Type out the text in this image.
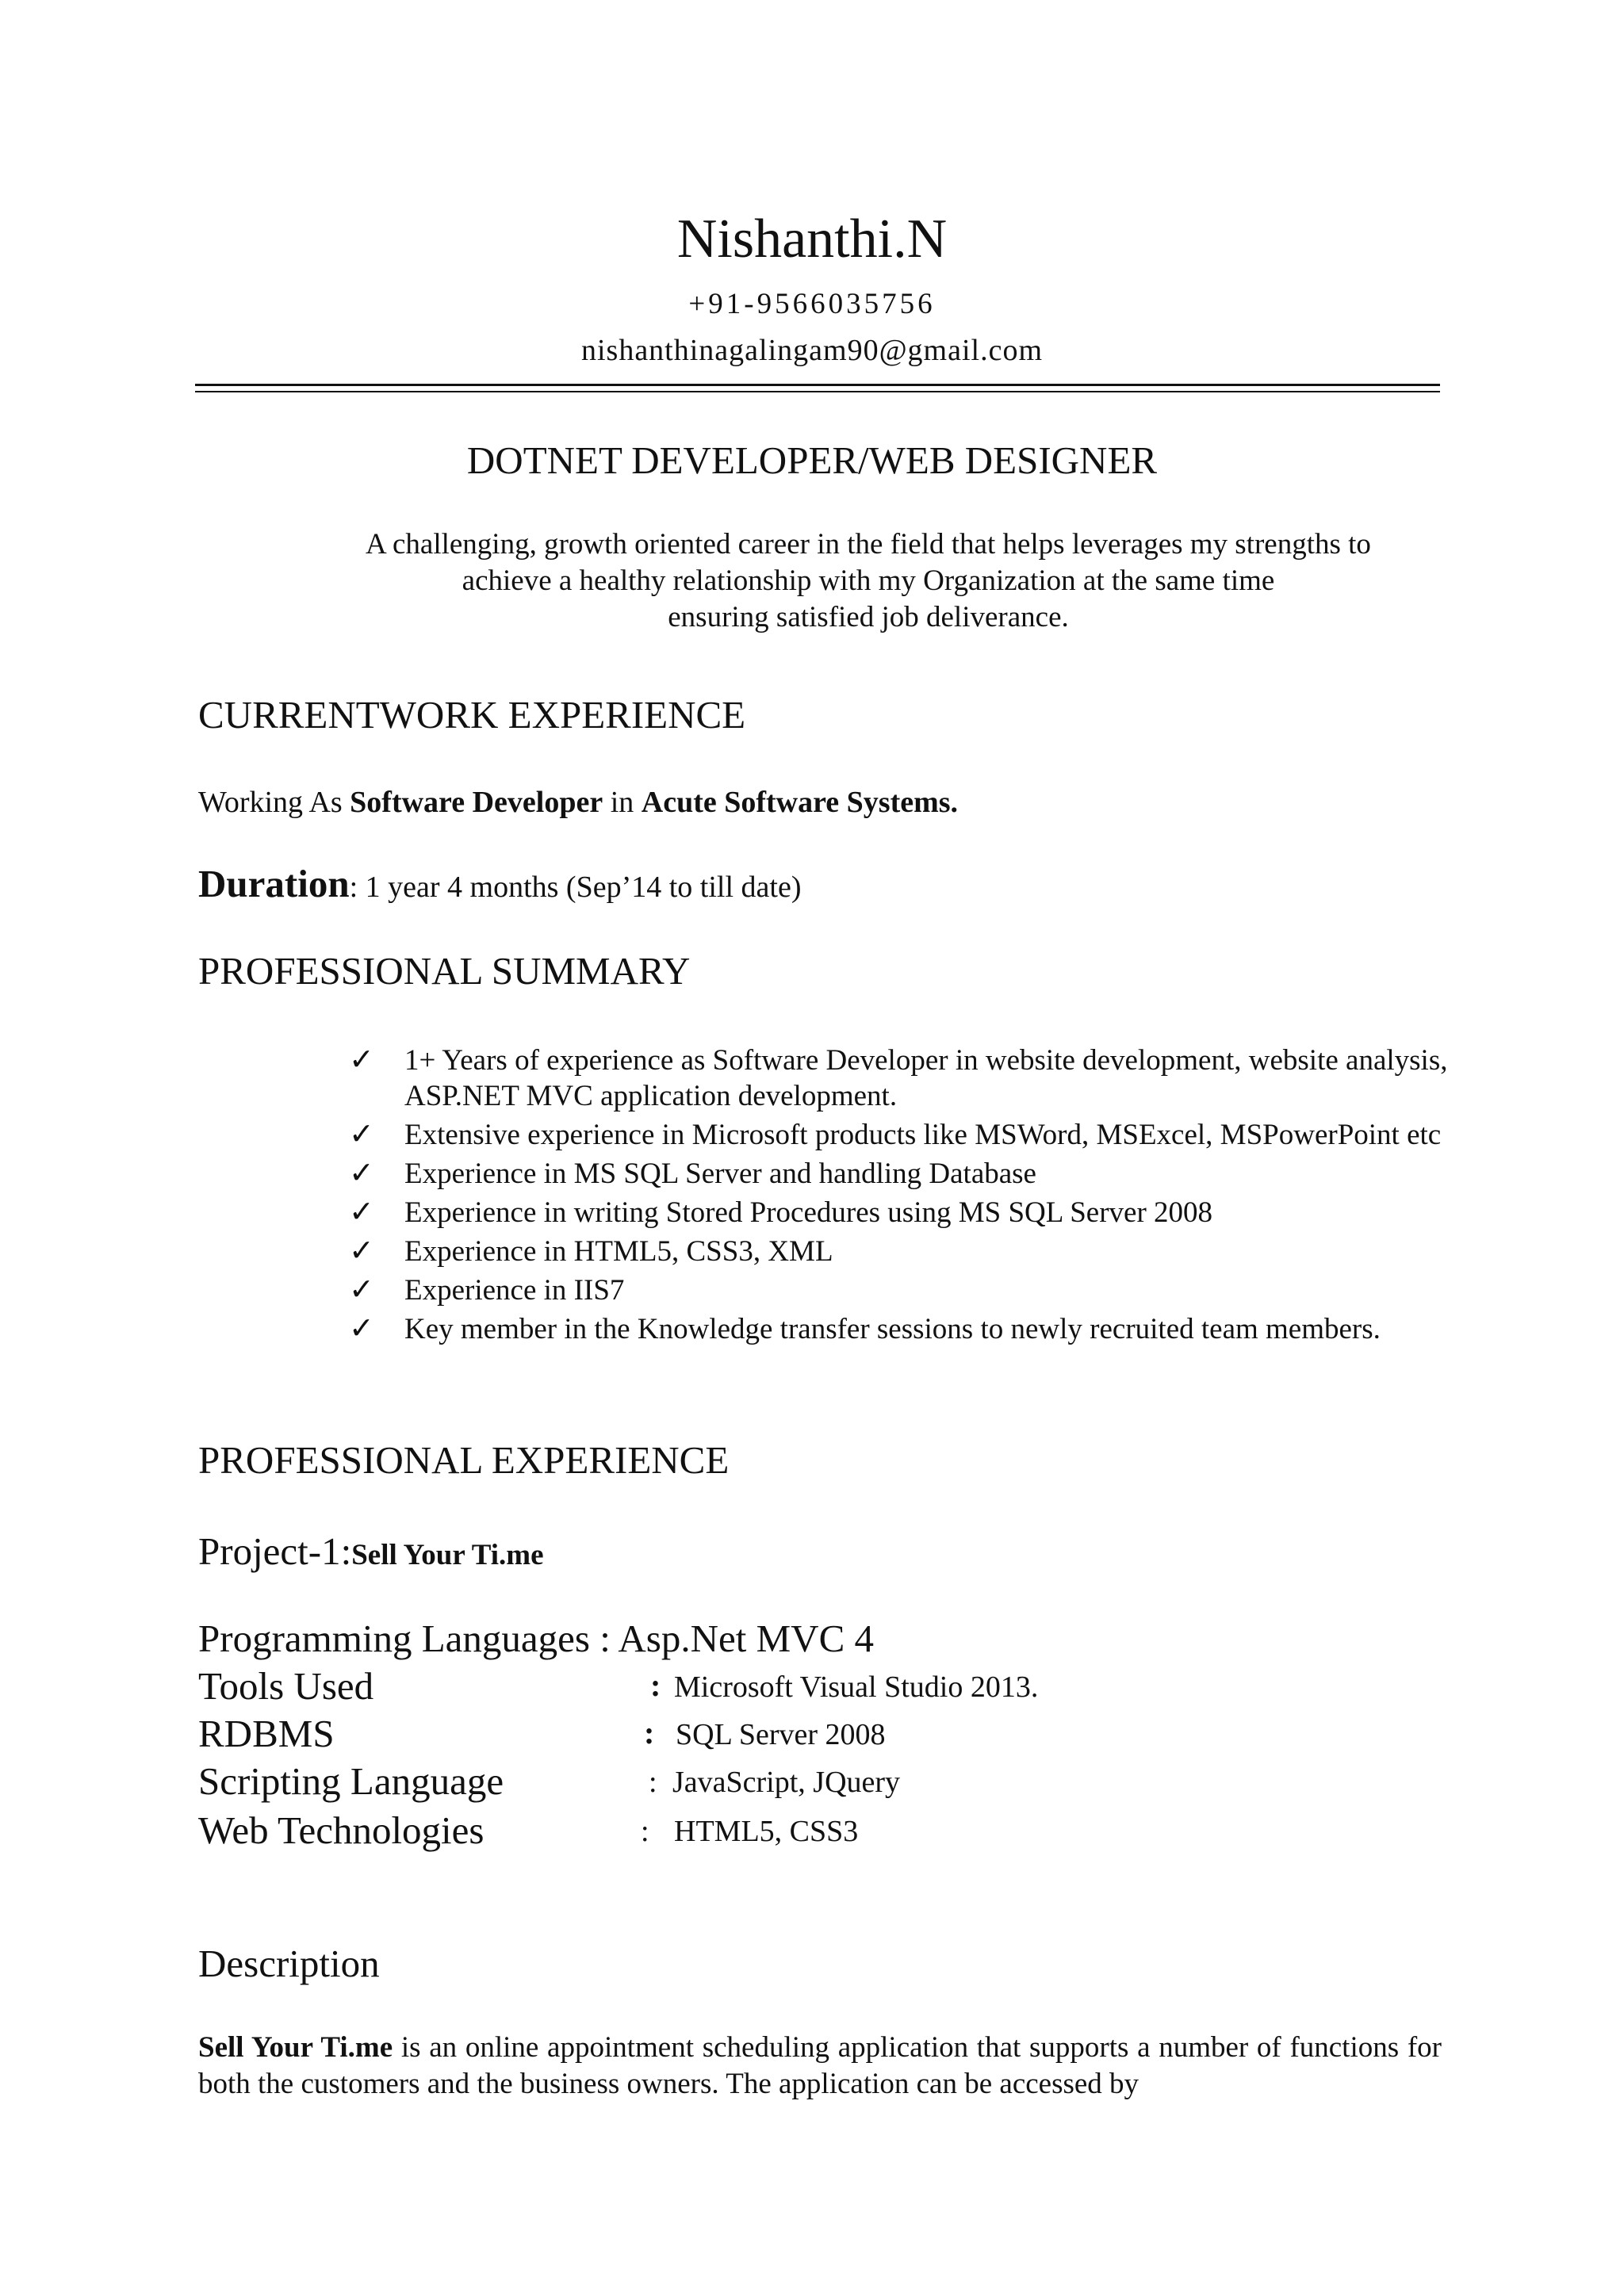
Nishanthi.N
+91-9566035756
nishanthinagalingam90@gmail.com
DOTNET DEVELOPER/WEB DESIGNER
A challenging, growth oriented career in the field that helps leverages my strengths to
achieve a healthy relationship with my Organization at the same time
ensuring satisfied job deliverance.
CURRENTWORK EXPERIENCE
Working As Software Developer in Acute Software Systems.
Duration: 1 year 4 months (Sep’14 to till date)
PROFESSIONAL SUMMARY
✓ 1+ Years of experience as Software Developer in website development, website analysis, ASP.NET MVC application development.
✓ Extensive experience in Microsoft products like MSWord, MSExcel, MSPowerPoint etc
✓ Experience in MS SQL Server and handling Database
✓ Experience in writing Stored Procedures using MS SQL Server 2008
✓ Experience in HTML5, CSS3, XML
✓ Experience in IIS7
✓ Key member in the Knowledge transfer sessions to newly recruited team members.
PROFESSIONAL EXPERIENCE
Project-1:Sell Your Ti.me
Programming Languages : Asp.Net MVC 4
Tools Used	: Microsoft Visual Studio 2013.
RDBMS	: SQL Server 2008
Scripting Language	: JavaScript, JQuery
Web Technologies	: HTML5, CSS3
Description
Sell Your Ti.me is an online appointment scheduling application that supports a number of functions for both the customers and the business owners. The application can be accessed by
